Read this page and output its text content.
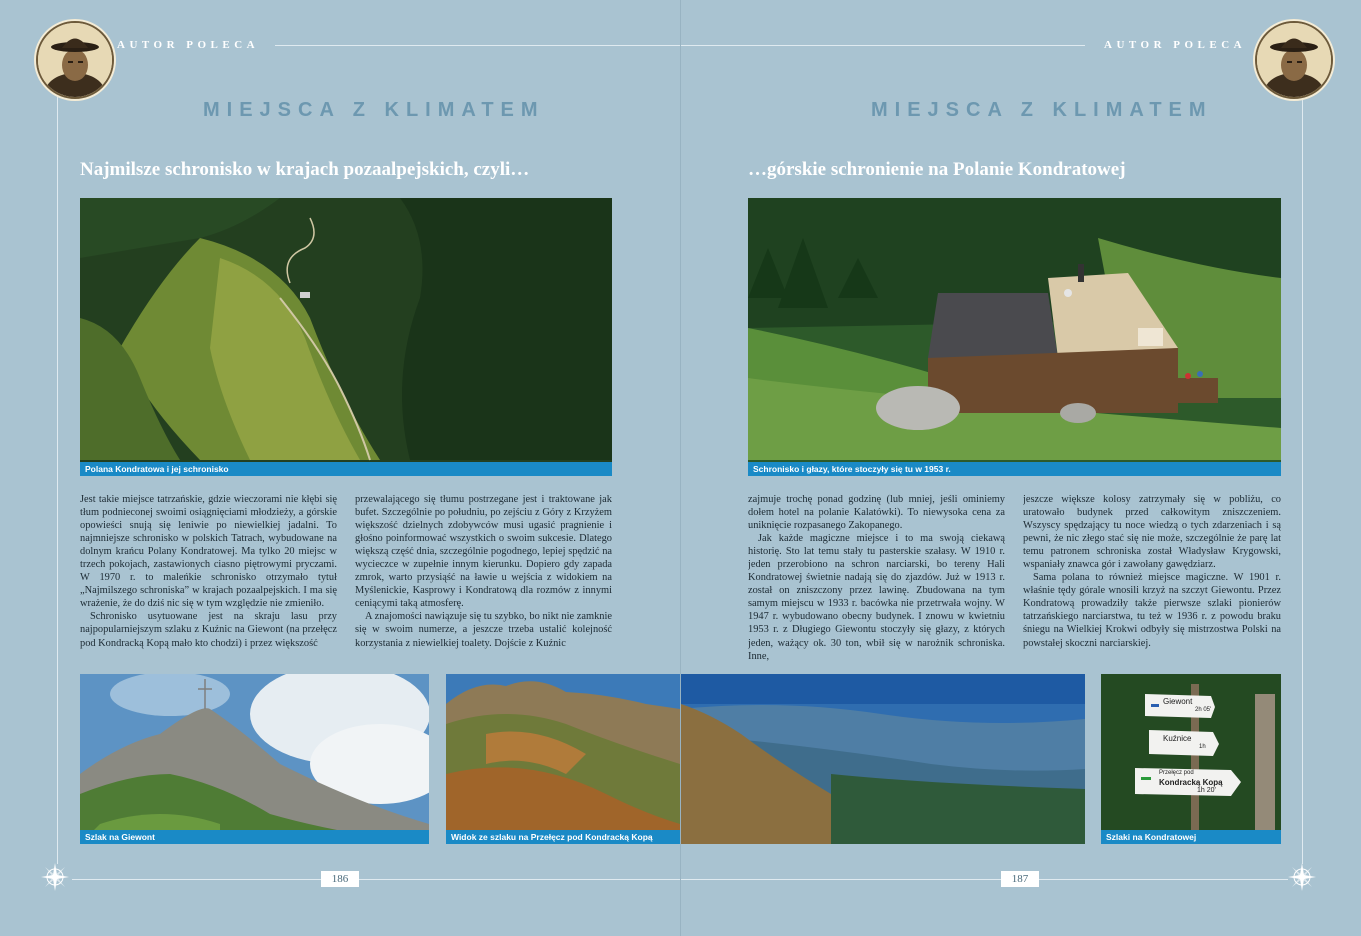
AUTOR POLECA
MIEJSCA Z KLIMATEM
Najmilsze schronisko w krajach pozaalpejskich, czyli…
Polana Kondratowa i jej schronisko

Jest takie miejsce tatrzańskie, gdzie wieczorami nie kłębi się tłum podnieconej swoimi osiągnięciami młodzieży, a górskie opowieści snują się leniwie po niewielkiej jadalni. To najmniejsze schronisko w polskich Tatrach, wybudowane na dolnym krańcu Polany Kondratowej. Ma tylko 20 miejsc w trzech pokojach, zastawionych ciasno piętrowymi pryczami. W 1970 r. to maleńkie schronisko otrzymało tytuł „Najmilszego schroniska” w krajach pozaalpejskich. I ma się wrażenie, że do dziś nic się w tym względzie nie zmieniło.

Schronisko usytuowane jest na skraju lasu przy najpopularniejszym szlaku z Kuźnic na Giewont (na przełęcz pod Kondracką Kopą mało kto chodzi) i przez większość

przewalającego się tłumu postrzegane jest i traktowane jak bufet. Szczególnie po południu, po zejściu z Góry z Krzyżem większość dzielnych zdobywców musi ugasić pragnienie i głośno poinformować wszystkich o swoim sukcesie. Dlatego większą część dnia, szczególnie pogodnego, lepiej spędzić na wycieczce w zupełnie innym kierunku. Dopiero gdy zapada zmrok, warto przysiąść na ławie u wejścia z widokiem na Myślenickie, Kasprowy i Kondratową dla rozmów z innymi ceniącymi taką atmosferę.

A znajomości nawiązuje się tu szybko, bo nikt nie zamknie się w swoim numerze, a jeszcze trzeba ustalić kolejność korzystania z niewielkiej toalety. Dojście z Kuźnic

Szlak na Giewont	Widok ze szlaku na Przełęcz pod Kondracką Kopą
186
AUTOR POLECA
MIEJSCA Z KLIMATEM
…górskie schronienie na Polanie Kondratowej
Schronisko i głazy, które stoczyły się tu w 1953 r.

zajmuje trochę ponad godzinę (lub mniej, jeśli ominiemy dołem hotel na polanie Kalatówki). To niewysoka cena za uniknięcie rozpasanego Zakopanego.

Jak każde magiczne miejsce i to ma swoją ciekawą historię. Sto lat temu stały tu pasterskie szałasy. W 1910 r. jeden przerobiono na schron narciarski, bo tereny Hali Kondratowej świetnie nadają się do zjazdów. Już w 1913 r. został on zniszczony przez lawinę. Zbudowana na tym samym miejscu w 1933 r. bacówka nie przetrwała wojny. W 1947 r. wybudowano obecny budynek. I znowu w kwietniu 1953 r. z Długiego Giewontu stoczyły się głazy, z których jeden, ważący ok. 30 ton, wbił się w narożnik schroniska. Inne,

jeszcze większe kolosy zatrzymały się w pobliżu, co uratowało budynek przed całkowitym zniszczeniem. Wszyscy spędzający tu noce wiedzą o tych zdarzeniach i są pewni, że nic złego stać się nie może, szczególnie że parę lat temu patronem schroniska został Władysław Krygowski, wspaniały znawca gór i zawołany gawędziarz.

Sama polana to również miejsce magiczne. W 1901 r. właśnie tędy górale wnosili krzyż na szczyt Giewontu. Przez Kondratową prowadziły także pierwsze szlaki pionierów tatrzańskiego narciarstwa, tu też w 1936 r. z powodu braku śniegu na Wielkiej Krokwi odbyły się mistrzostwa Polski na powstałej skoczni narciarskiej.

Giewont
2h 05'
Kuźnice
1h
Przełęcz pod
Kondracką Kopą
1h 20'
Szlaki na Kondratowej
187
